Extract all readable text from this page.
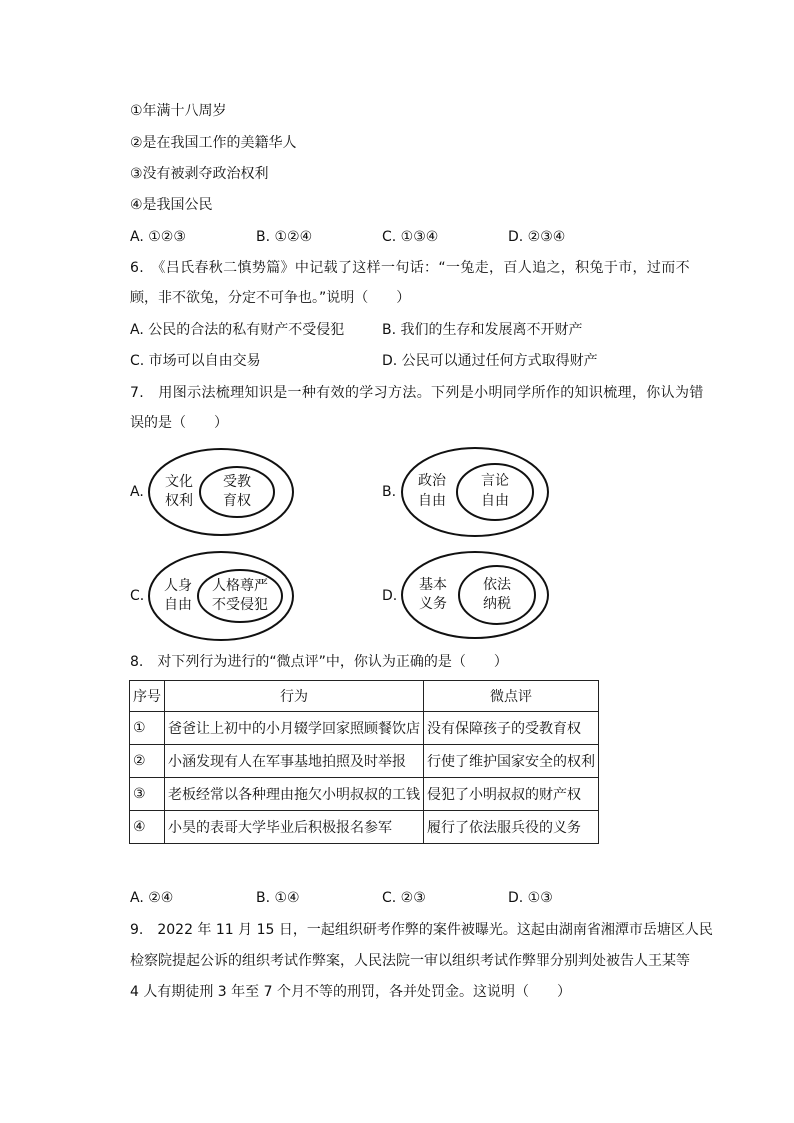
①年满十八周岁
②是在我国工作的美籍华人
③没有被剥夺政治权利
④是我国公民
A. ①②③	B. ①②④	C. ①③④	D. ②③④
6.　《吕氏春秋二慎势篇》中记载了这样一句话：“一兔走，百人追之，积兔于市，过而不
顾，非不欲兔，分定不可争也。”说明（　　）
A. 公民的合法的私有财产不受侵犯	B. 我们的生存和发展离不开财产
C. 市场可以自由交易	D. 公民可以通过任何方式取得财产
7.　用图示法梳理知识是一种有效的学习方法。下列是小明同学所作的知识梳理，你认为错
误的是（　　）
A.
文化
权利
受教
育权
B.
政治
自由
言论
自由
C.
人身
自由
人格尊严
不受侵犯
D.
基本
义务
依法
纳税
8.　对下列行为进行的“微点评”中，你认为正确的是（　　）
序号	行为	微点评
①	爸爸让上初中的小月辍学回家照顾餐饮店	没有保障孩子的受教育权
②	小涵发现有人在军事基地拍照及时举报	行使了维护国家安全的权利
③	老板经常以各种理由拖欠小明叔叔的工钱	侵犯了小明叔叔的财产权
④	小昊的表哥大学毕业后积极报名参军	履行了依法服兵役的义务
A. ②④	B. ①④	C. ②③	D. ①③
9.　2022 年 11 月 15 日，一起组织研考作弊的案件被曝光。这起由湖南省湘潭市岳塘区人民
检察院提起公诉的组织考试作弊案，人民法院一审以组织考试作弊罪分别判处被告人王某等
4 人有期徒刑 3 年至 7 个月不等的刑罚，各并处罚金。这说明（　　）
